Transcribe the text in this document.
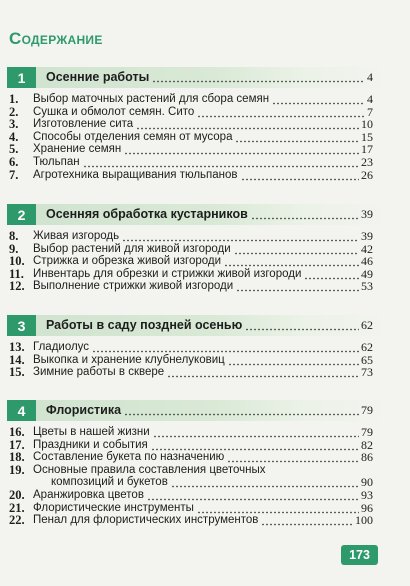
Содержание
1	Осенние работы	4
1. Выбор маточных растений для сбора семян	4
2. Сушка и обмолот семян. Сито	7
3. Изготовление сита	10
4. Способы отделения семян от мусора	15
5. Хранение семян	17
6. Тюльпан	23
7. Агротехника выращивания тюльпанов	26
2	Осенняя обработка кустарников	39
8. Живая изгородь	39
9. Выбор растений для живой изгороди	42
10. Стрижка и обрезка живой изгороди	46
11. Инвентарь для обрезки и стрижки живой изгороди	49
12. Выполнение стрижки живой изгороди	53
3	Работы в саду поздней осенью	62
13. Гладиолус	62
14. Выкопка и хранение клубнелуковиц	65
15. Зимние работы в сквере	73
4	Флористика	79
16. Цветы в нашей жизни	79
17. Праздники и события	82
18. Составление букета по назначению	86
19. Основные правила составления цветочных
композиций и букетов	90
20. Аранжировка цветов	93
21. Флористические инструменты	96
22. Пенал для флористических инструментов	100
173
